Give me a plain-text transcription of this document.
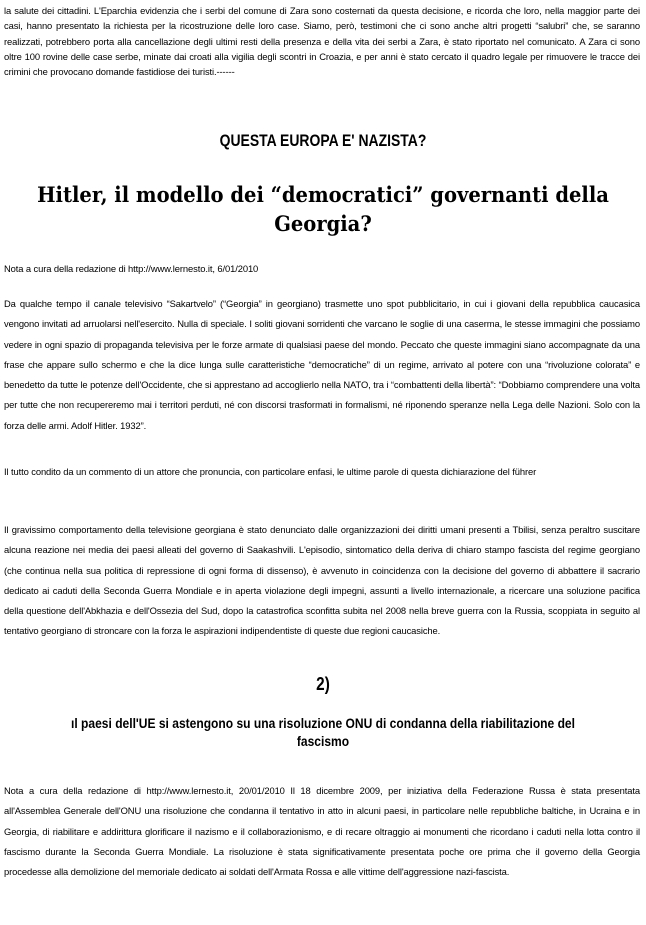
la salute dei cittadini. L'Eparchia evidenzia che i serbi del comune di Zara sono costernati da questa decisione, e ricorda che loro, nella maggior parte dei casi, hanno presentato la richiesta per la ricostruzione delle loro case. Siamo, però, testimoni che ci sono anche altri progetti “salubri” che, se saranno realizzati, potrebbero porta alla cancellazione degli ultimi resti della presenza e della vita dei serbi a Zara, è stato riportato nel comunicato. A Zara ci sono oltre 100 rovine delle case serbe, minate dai croati alla vigilia degli scontri in Croazia, e per anni è stato cercato il quadro legale per rimuovere le tracce dei crimini che provocano domande fastidiose dei turisti.------

QUESTA EUROPA E' NAZISTA?
Hitler, il modello dei “democratici” governanti della Georgia?

Nota a cura della redazione di http://www.lernesto.it, 6/01/2010

Da qualche tempo il canale televisivo “Sakartvelo” (“Georgia” in georgiano) trasmette uno spot pubblicitario, in cui i giovani della repubblica caucasica vengono invitati ad arruolarsi nell'esercito. Nulla di speciale. I soliti giovani sorridenti che varcano le soglie di una caserma, le stesse immagini che possiamo vedere in ogni spazio di propaganda televisiva per le forze armate di qualsiasi paese del mondo. Peccato che queste immagini siano accompagnate da una frase che appare sullo schermo e che la dice lunga sulle caratteristiche “democratiche” di un regime, arrivato al potere con una “rivoluzione colorata” e benedetto da tutte le potenze dell'Occidente, che si apprestano ad accoglierlo nella NATO, tra i “combattenti della libertà”: “Dobbiamo comprendere una volta per tutte che non recupereremo mai i territori perduti, né con discorsi trasformati in formalismi, né riponendo speranze nella Lega delle Nazioni. Solo con la forza delle armi. Adolf Hitler. 1932”.

Il tutto condito da un commento di un attore che pronuncia, con particolare enfasi, le ultime parole di questa dichiarazione del führer

Il gravissimo comportamento della televisione georgiana è stato denunciato dalle organizzazioni dei diritti umani presenti a Tbilisi, senza peraltro suscitare alcuna reazione nei media dei paesi alleati del governo di Saakashvili. L'episodio, sintomatico della deriva di chiaro stampo fascista del regime georgiano (che continua nella sua politica di repressione di ogni forma di dissenso), è avvenuto in coincidenza con la decisione del governo di abbattere il sacrario dedicato ai caduti della Seconda Guerra Mondiale e in aperta violazione degli impegni, assunti a livello internazionale, a ricercare una soluzione pacifica della questione dell'Abkhazia e dell'Ossezia del Sud, dopo la catastrofica sconfitta subita nel 2008 nella breve guerra con la Russia, scoppiata in seguito al tentativo georgiano di stroncare con la forza le aspirazioni indipendentiste di queste due regioni caucasiche.

2)
ıl paesi dell'UE si astengono su una risoluzione ONU di condanna della riabilitazione del fascismo

Nota a cura della redazione di http://www.lernesto.it, 20/01/2010 Il 18 dicembre 2009, per iniziativa della Federazione Russa è stata presentata all'Assemblea Generale dell'ONU una risoluzione che condanna il tentativo in atto in alcuni paesi, in particolare nelle repubbliche baltiche, in Ucraina e in Georgia, di riabilitare e addirittura glorificare il nazismo e il collaborazionismo, e di recare oltraggio ai monumenti che ricordano i caduti nella lotta contro il fascismo durante la Seconda Guerra Mondiale. La risoluzione è stata significativamente presentata poche ore prima che il governo della Georgia procedesse alla demolizione del memoriale dedicato ai soldati dell'Armata Rossa e alle vittime dell'aggressione nazi-fascista.
